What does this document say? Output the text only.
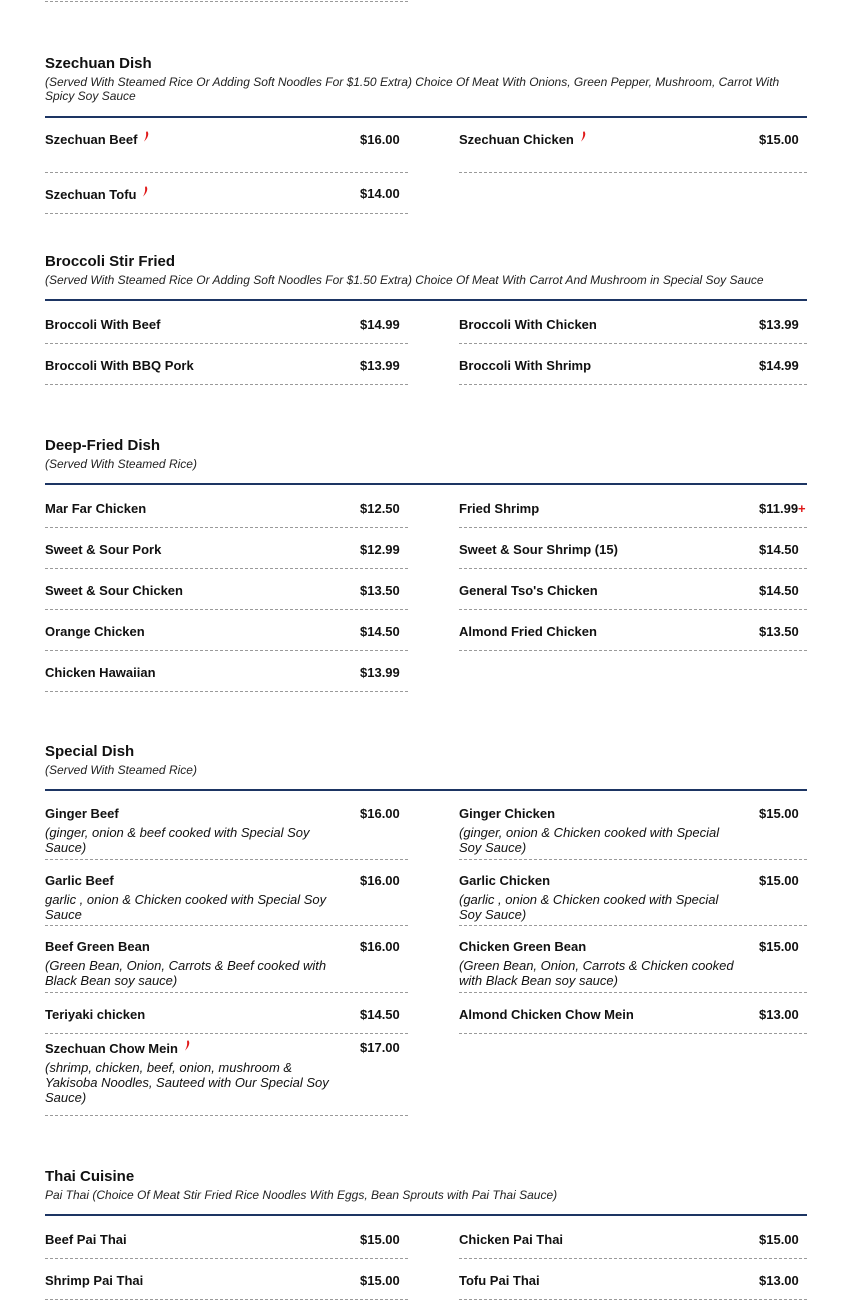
Szechuan Dish
(Served With Steamed Rice Or Adding Soft Noodles For $1.50 Extra) Choice Of Meat With Onions, Green Pepper, Mushroom, Carrot With Spicy Soy Sauce
Szechuan Beef	$16.00
Szechuan Tofu	$14.00
Szechuan Chicken	$15.00
Broccoli Stir Fried
(Served With Steamed Rice Or Adding Soft Noodles For $1.50 Extra) Choice Of Meat With Carrot And Mushroom in Special Soy Sauce
Broccoli With Beef	$14.99
Broccoli With BBQ Pork	$13.99
Broccoli With Chicken	$13.99
Broccoli With Shrimp	$14.99
Deep-Fried Dish
(Served With Steamed Rice)
Mar Far Chicken	$12.50
Sweet & Sour Pork	$12.99
Sweet & Sour Chicken	$13.50
Orange Chicken	$14.50
Chicken Hawaiian	$13.99
Fried Shrimp	$11.99+
Sweet & Sour Shrimp (15)	$14.50
General Tso's Chicken	$14.50
Almond Fried Chicken	$13.50
Special Dish
(Served With Steamed Rice)
Ginger Beef	$16.00
(ginger, onion & beef cooked with Special Soy Sauce)
Garlic Beef	$16.00
garlic , onion & Chicken cooked with Special Soy Sauce
Beef Green Bean	$16.00
(Green Bean, Onion, Carrots & Beef cooked with Black Bean soy sauce)
Teriyaki chicken	$14.50
Szechuan Chow Mein	$17.00
(shrimp, chicken, beef, onion, mushroom & Yakisoba Noodles, Sauteed with Our Special Soy Sauce)
Ginger Chicken	$15.00
(ginger, onion & Chicken cooked with Special Soy Sauce)
Garlic Chicken	$15.00
(garlic , onion & Chicken cooked with Special Soy Sauce)
Chicken Green Bean	$15.00
(Green Bean, Onion, Carrots & Chicken cooked with Black Bean soy sauce)
Almond Chicken Chow Mein	$13.00
Thai Cuisine
Pai Thai (Choice Of Meat Stir Fried Rice Noodles With Eggs, Bean Sprouts with Pai Thai Sauce)
Beef Pai Thai	$15.00
Shrimp Pai Thai	$15.00
Chicken Pai Thai	$15.00
Tofu Pai Thai	$13.00
